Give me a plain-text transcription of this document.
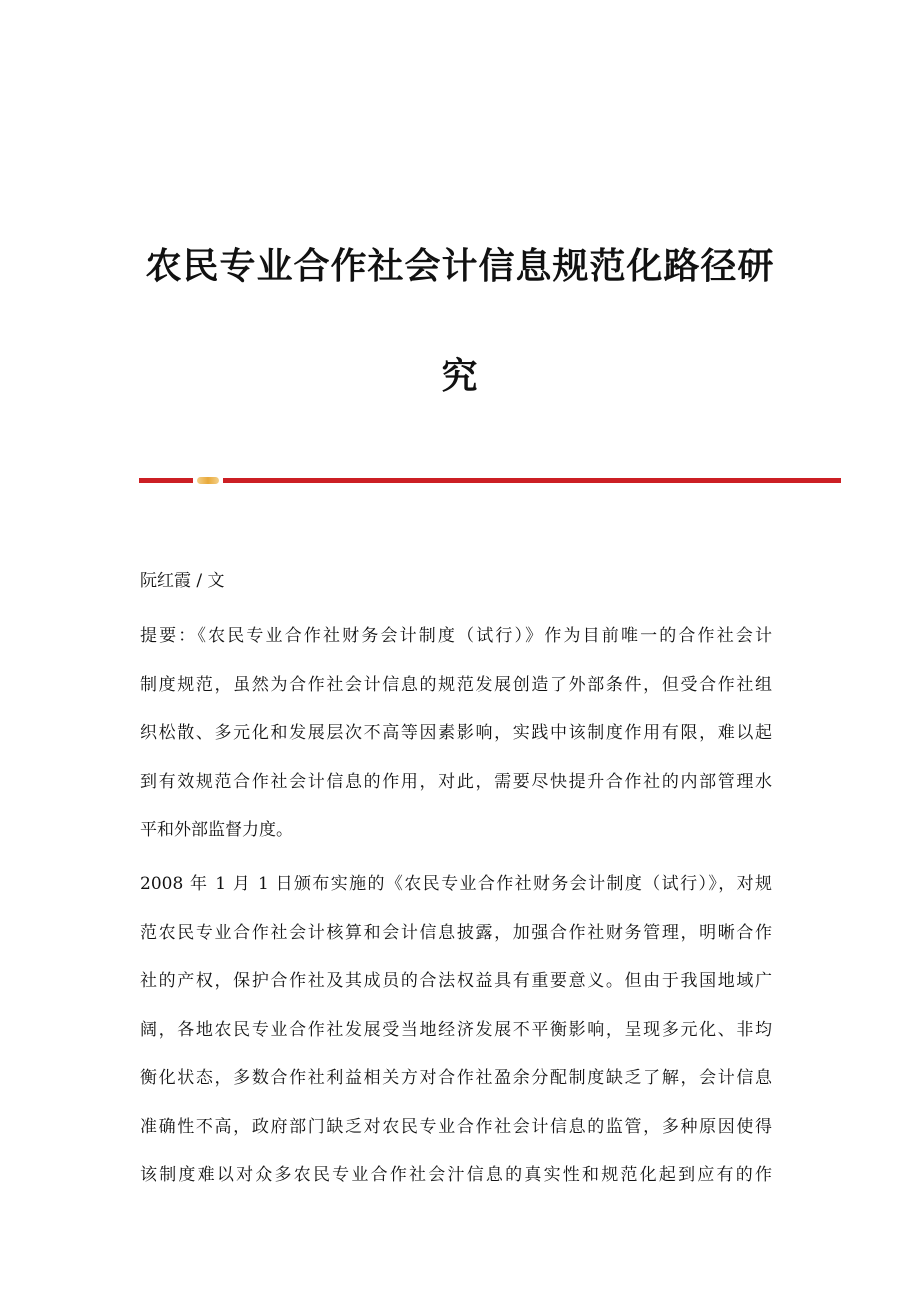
农民专业合作社会计信息规范化路径研
究

阮红霞 / 文

提要：《农民专业合作社财务会计制度（试行）》作为目前唯一的合作社会计
制度规范，虽然为合作社会计信息的规范发展创造了外部条件，但受合作社组
织松散、多元化和发展层次不高等因素影响，实践中该制度作用有限，难以起
到有效规范合作社会计信息的作用，对此，需要尽快提升合作社的内部管理水
平和外部监督力度。

2008 年 1 月 1 日颁布实施的《农民专业合作社财务会计制度（试行）》，对规
范农民专业合作社会计核算和会计信息披露，加强合作社财务管理，明晰合作
社的产权，保护合作社及其成员的合法权益具有重要意义。但由于我国地域广
阔，各地农民专业合作社发展受当地经济发展不平衡影响，呈现多元化、非均
衡化状态，多数合作社利益相关方对合作社盈余分配制度缺乏了解，会计信息
准确性不高，政府部门缺乏对农民专业合作社会计信息的监管，多种原因使得
该制度难以对众多农民专业合作社会汁信息的真实性和规范化起到应有的作
